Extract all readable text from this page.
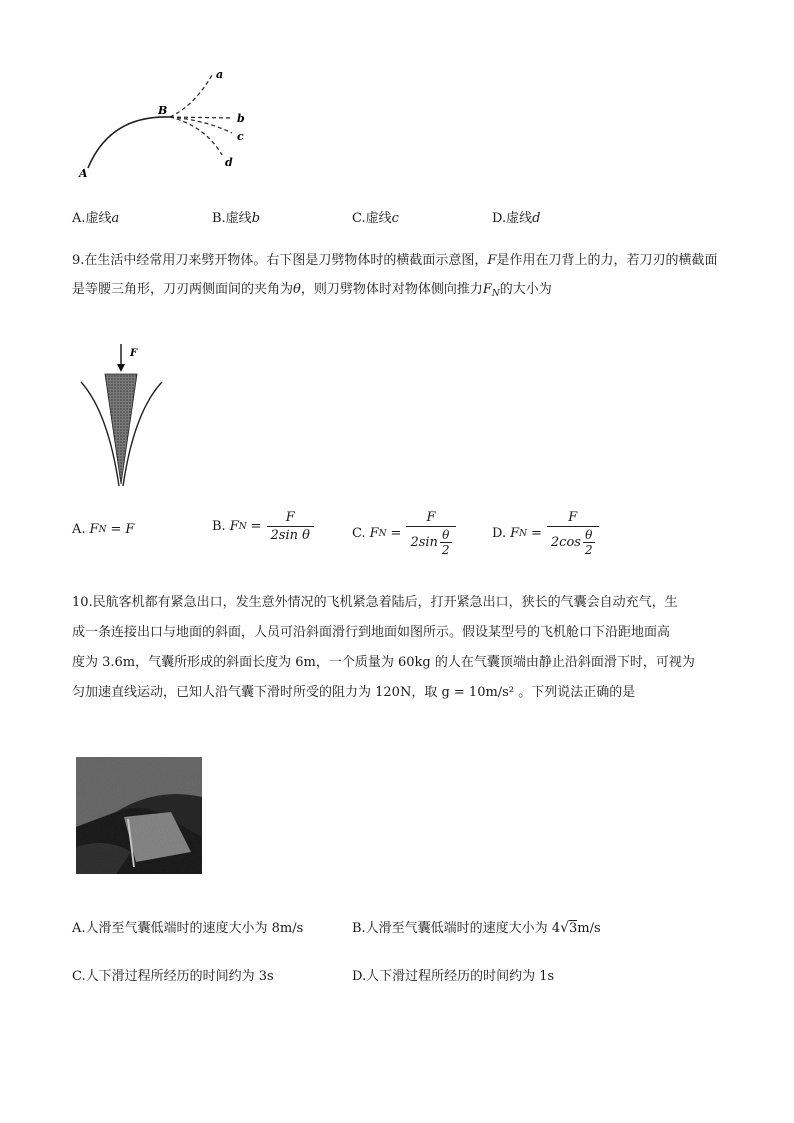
A
B
a
b
c
d
A.虚线a	B.虚线b	C.虚线c	D.虚线d
9.在生活中经常用刀来劈开物体。右下图是刀劈物体时的横截面示意图，F是作用在刀背上的力，若刀刃的横截面是等腰三角形，刀刃两侧面间的夹角为θ，则刀劈物体时对物体侧向推力$F_N$的大小为
F
A. F N = F	B. F $N = \frac{F}{\text{2sin θ}}$	C. F N = F
2sin θ
2	D. F N = F
2cos θ
2
10.民航客机都有紧急出口，发生意外情况的飞机紧急着陆后，打开紧急出口，狭长的气囊会自动充气，生
成一条连接出口与地面的斜面，人员可沿斜面滑行到地面如图所示。假设某型号的飞机舱口下沿距地面高
度为 3.6m，气囊所形成的斜面长度为 6m，一个质量为 60kg 的人在气囊顶端由静止沿斜面滑下时，可视为
匀加速直线运动，已知人沿气囊下滑时所受的阻力为 120N，取 g = 10m/s² 。下列说法正确的是
A.人滑至气囊低端时的速度大小为 8m/s	B.人滑至气囊低端时的速度大小为 4√3m/s
C.人下滑过程所经历的时间约为 3s	D.人下滑过程所经历的时间约为 1s
